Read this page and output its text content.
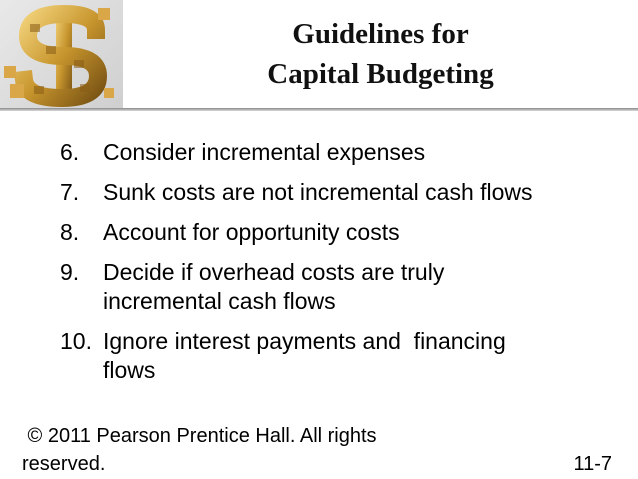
Guidelines for
Capital Budgeting
6.	Consider incremental expenses
7.	Sunk costs are not incremental cash flows
8.	Account for opportunity costs
9.	Decide if overhead costs are truly incremental cash flows
10. Ignore interest payments and  financing flows
© 2011 Pearson Prentice Hall. All rights
reserved.	11-7
